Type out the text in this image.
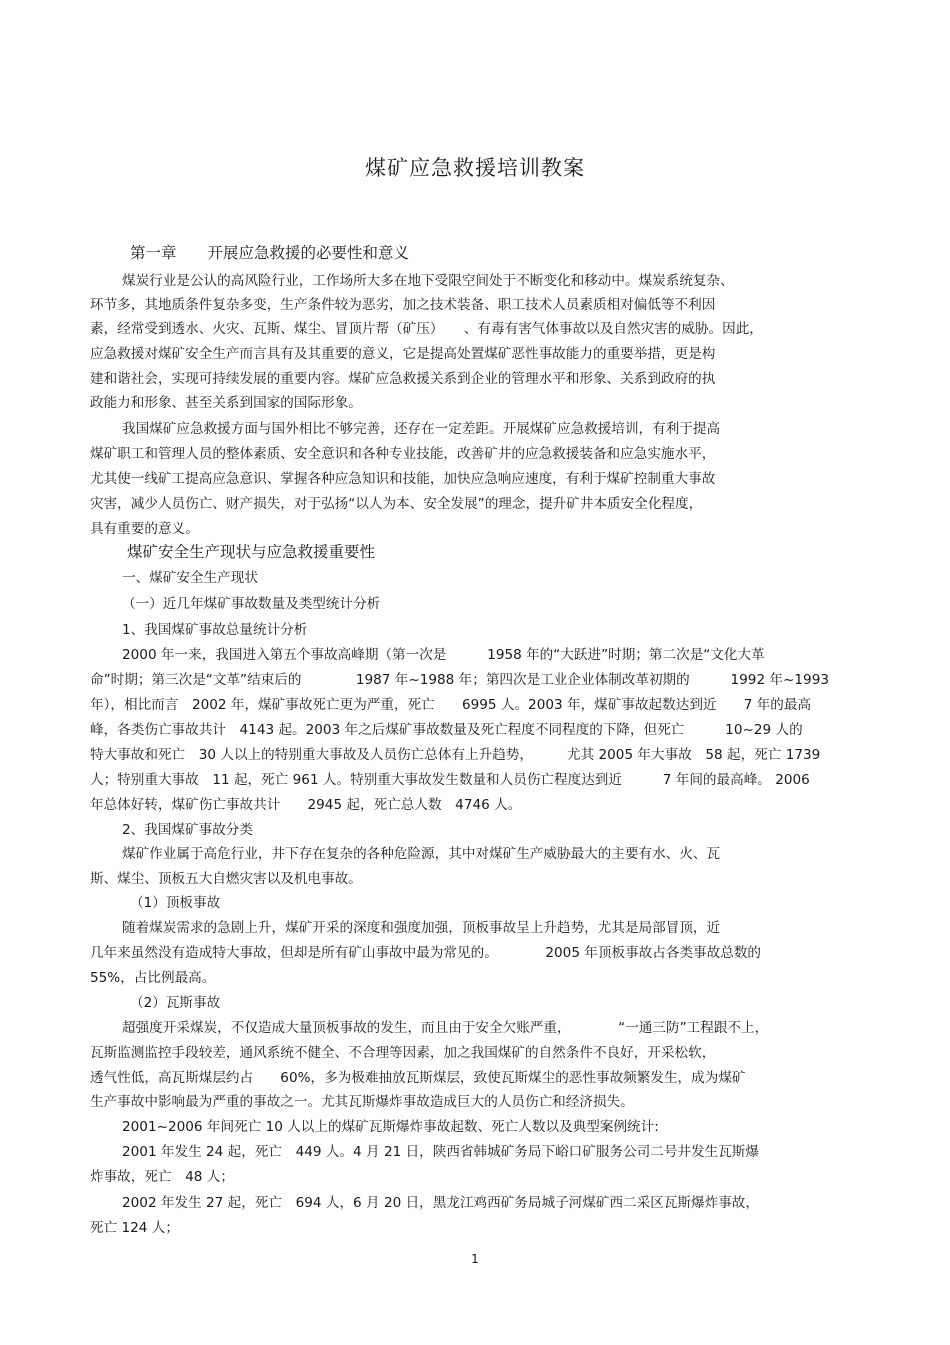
煤矿应急救援培训教案
第一章　　开展应急救援的必要性和意义
煤炭行业是公认的高风险行业，工作场所大多在地下受限空间处于不断变化和移动中。煤炭系统复杂、
环节多，其地质条件复杂多变，生产条件较为恶劣，加之技术装备、职工技术人员素质相对偏低等不利因
素，经常受到透水、火灾、瓦斯、煤尘、冒顶片帮（矿压）　　、有毒有害气体事故以及自然灾害的威胁。因此，
应急救援对煤矿安全生产而言具有及其重要的意义，它是提高处置煤矿恶性事故能力的重要举措，更是构
建和谐社会，实现可持续发展的重要内容。煤矿应急救援关系到企业的管理水平和形象、关系到政府的执
政能力和形象、甚至关系到国家的国际形象。
我国煤矿应急救援方面与国外相比不够完善，还存在一定差距。开展煤矿应急救援培训，有利于提高
煤矿职工和管理人员的整体素质、安全意识和各种专业技能，改善矿井的应急救援装备和应急实施水平，
尤其使一线矿工提高应急意识、掌握各种应急知识和技能，加快应急响应速度，有利于煤矿控制重大事故
灾害，减少人员伤亡、财产损失，对于弘扬“以人为本、安全发展”的理念，提升矿井本质安全化程度，
具有重要的意义。
煤矿安全生产现状与应急救援重要性
一、煤矿安全生产现状
（一）近几年煤矿事故数量及类型统计分析
1、我国煤矿事故总量统计分析
2000 年一来，我国进入第五个事故高峰期（第一次是　　　1958 年的“大跃进”时期；第二次是“文化大革
命”时期；第三次是“文革”结束后的　　　　1987 年~1988 年；第四次是工业企业体制改革初期的　　　1992 年~1993
年），相比而言　2002 年，煤矿事故死亡更为严重，死亡　　6995 人。2003 年，煤矿事故起数达到近　　7 年的最高
峰，各类伤亡事故共计　4143 起。2003 年之后煤矿事故数量及死亡程度不同程度的下降，但死亡　　　10~29 人的
特大事故和死亡　30 人以上的特别重大事故及人员伤亡总体有上升趋势，　　　尤其 2005 年大事故　58 起，死亡 1739
人；特别重大事故　11 起，死亡 961 人。特别重大事故发生数量和人员伤亡程度达到近　　　7 年间的最高峰。 2006
年总体好转，煤矿伤亡事故共计　　2945 起，死亡总人数　4746 人。
2、我国煤矿事故分类
煤矿作业属于高危行业，井下存在复杂的各种危险源，其中对煤矿生产威胁最大的主要有水、火、瓦
斯、煤尘、顶板五大自燃灾害以及机电事故。
（1）顶板事故
随着煤炭需求的急剧上升，煤矿开采的深度和强度加强，顶板事故呈上升趋势，尤其是局部冒顶，近
几年来虽然没有造成特大事故，但却是所有矿山事故中最为常见的。　　　　2005 年顶板事故占各类事故总数的
55%，占比例最高。
（2）瓦斯事故
超强度开采煤炭，不仅造成大量顶板事故的发生，而且由于安全欠账严重，　　　　“一通三防”工程跟不上，
瓦斯监测监控手段较差，通风系统不健全、不合理等因素，加之我国煤矿的自然条件不良好，开采松软，
透气性低，高瓦斯煤层约占　　60%，多为极难抽放瓦斯煤层，致使瓦斯煤尘的恶性事故频繁发生，成为煤矿
生产事故中影响最为严重的事故之一。尤其瓦斯爆炸事故造成巨大的人员伤亡和经济损失。
2001~2006 年间死亡 10 人以上的煤矿瓦斯爆炸事故起数、死亡人数以及典型案例统计:
2001 年发生 24 起，死亡　449 人。4 月 21 日，陕西省韩城矿务局下峪口矿服务公司二号井发生瓦斯爆
炸事故，死亡　48 人；
2002 年发生 27 起，死亡　694 人，6 月 20 日，黑龙江鸡西矿务局城子河煤矿西二采区瓦斯爆炸事故，
死亡 124 人；
1
